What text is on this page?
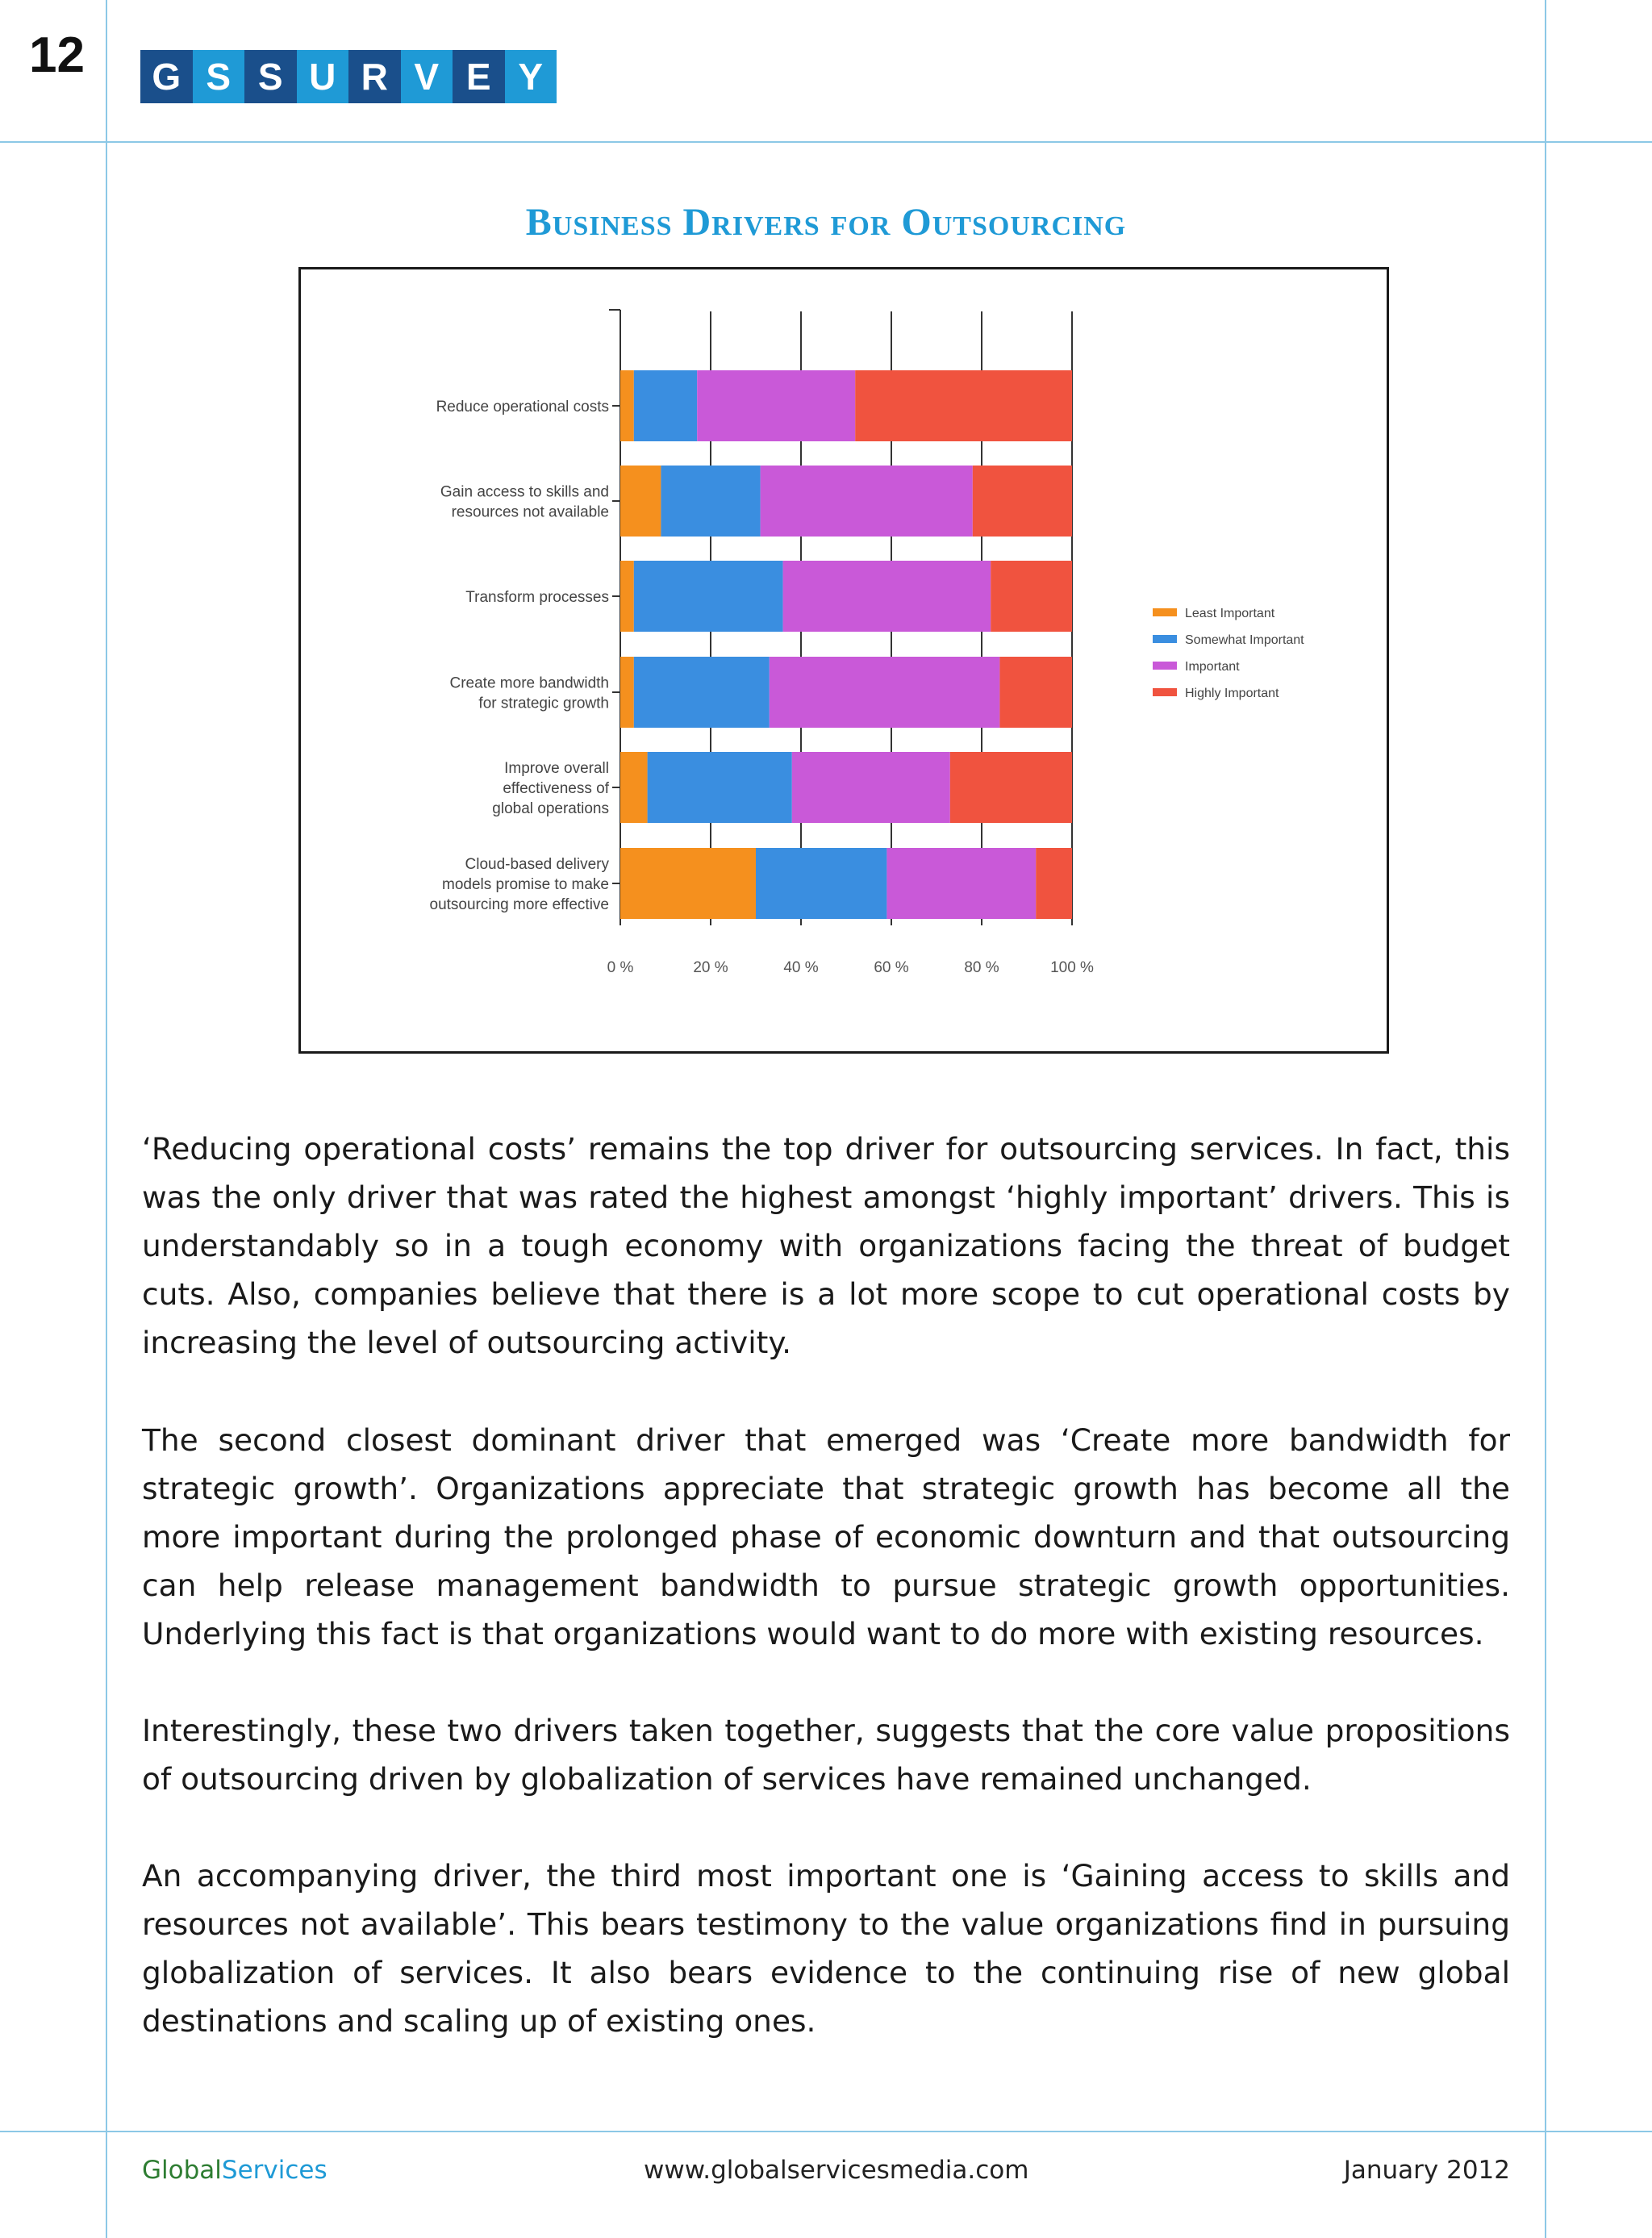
12	G S S U R V E Y
Business Drivers for Outsourcing
Reduce operational costs
Gain access to skills and
resources not available
Transform processes
Create more bandwidth
for strategic growth
Improve overall
effectiveness of
global operations
Cloud-based delivery
models promise to make
outsourcing more effective
0 %	20 %	40 %	60 %	80 %	100 %
Least Important
Somewhat Important
Important
Highly Important

‘Reducing operational costs’ remains the top driver for outsourcing services. In fact, this was the only driver that was rated the highest amongst ‘highly important’ drivers. This is understandably so in a tough economy with organizations facing the threat of budget cuts. Also, companies believe that there is a lot more scope to cut operational costs by increasing the level of outsourcing activity.

The second closest dominant driver that emerged was ‘Create more bandwidth for strategic growth’. Organizations appreciate that strategic growth has become all the more important during the prolonged phase of economic downturn and that outsourcing can help release management bandwidth to pursue strategic growth opportunities. Underlying this fact is that organizations would want to do more with existing resources.

Interestingly, these two drivers taken together, suggests that the core value propositions of outsourcing driven by globalization of services have remained unchanged.

An accompanying driver, the third most important one is ‘Gaining access to skills and resources not available’. This bears testimony to the value organizations find in pursuing globalization of services. It also bears evidence to the continuing rise of new global destinations and scaling up of existing ones.

GlobalServices	www.globalservicesmedia.com	January 2012
